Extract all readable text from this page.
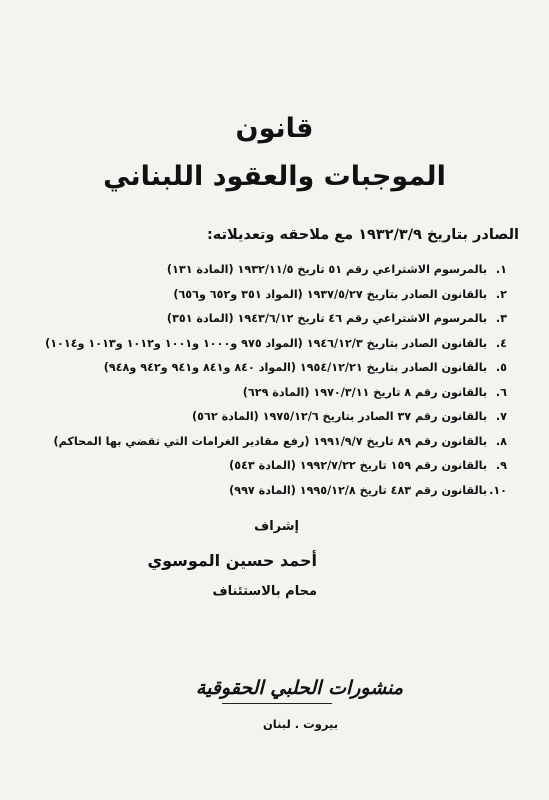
قانون
الموجبات والعقود اللبناني
الصادر بتاريخ ١٩٣٢/٣/٩ مع ملاحقه وتعديلاته:
١. بالمرسوم الاشتراعي رقم ٥١ تاريخ ١٩٣٢/١١/٥ (المادة ١٣١)
٢. بالقانون الصادر بتاريخ ١٩٣٧/٥/٢٧ (المواد ٣٥١ و٦٥٢ و٦٥٦)
٣. بالمرسوم الاشتراعي رقم ٤٦ تاريخ ١٩٤٣/٦/١٢ (المادة ٣٥١)
٤. بالقانون الصادر بتاريخ ١٩٤٦/١٢/٣ (المواد ٩٧٥ و١٠٠٠ و١٠٠١ و١٠١٢ و١٠١٣ و١٠١٤)
٥. بالقانون الصادر بتاريخ ١٩٥٤/١٢/٢١ (المواد ٨٤٠ و٨٤١ و٩٤١ و٩٤٢ و٩٤٨)
٦. بالقانون رقم ٨ تاريخ ١٩٧٠/٣/١١ (المادة ٦٢٩)
٧. بالقانون رقم ٣٧ الصادر بتاريخ ١٩٧٥/١٢/٦ (المادة ٥٦٢)
٨. بالقانون رقم ٨٩ تاريخ ١٩٩١/٩/٧ (رفع مقادير الغرامات التي تقضي بها المحاكم)
٩. بالقانون رقم ١٥٩ تاريخ ١٩٩٢/٧/٢٢ (المادة ٥٤٣)
١٠. بالقانون رقم ٤٨٣ تاريخ ١٩٩٥/١٢/٨ (المادة ٩٩٧)
إشراف
أحمد حسين الموسوي
محام بالاستئناف
منشورات الحلبي الحقوقية
بيروت . لبنان
